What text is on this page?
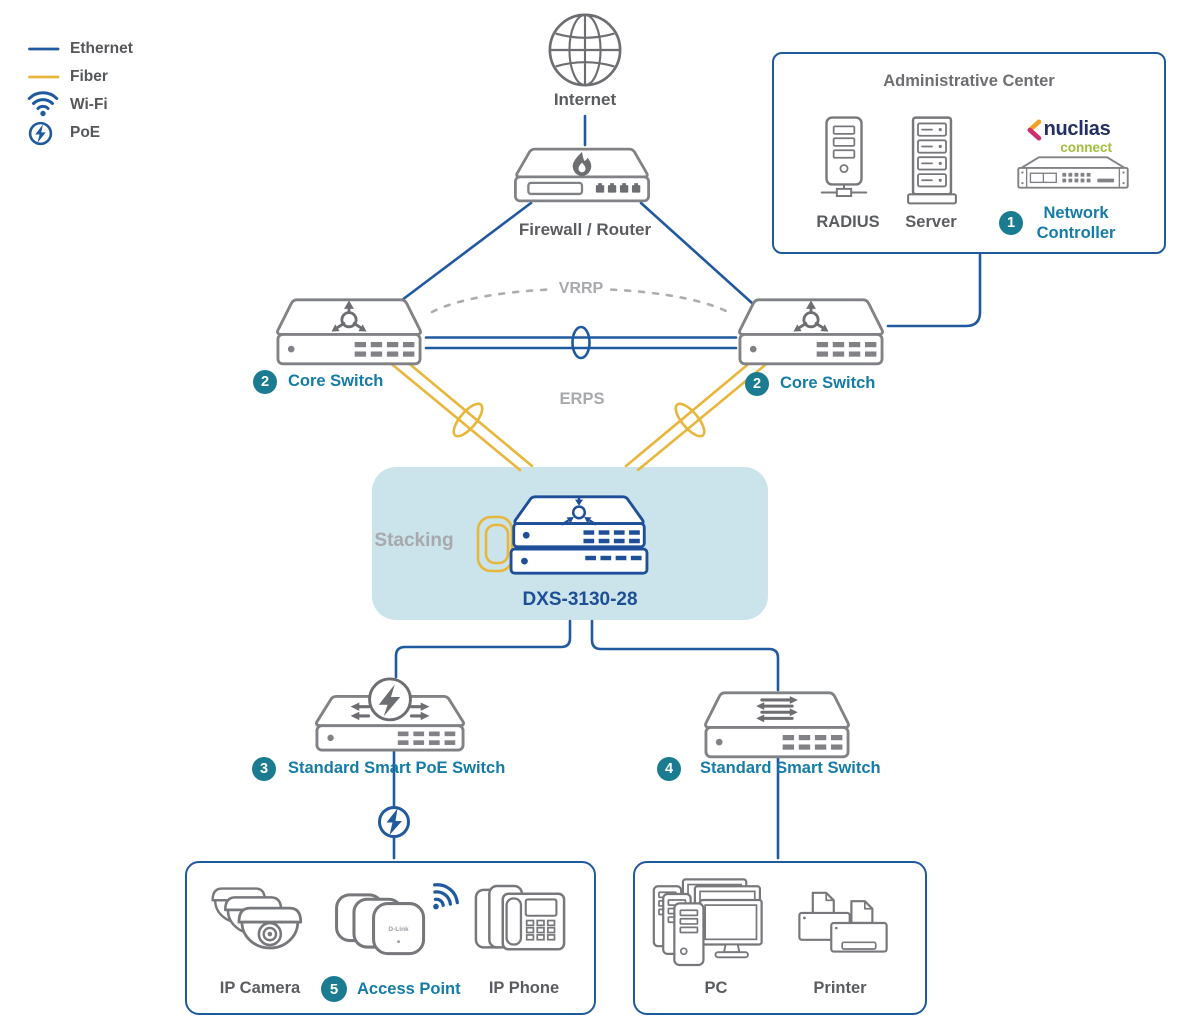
Ethernet
Fiber
Wi-Fi
PoE
Internet
Firewall / Router
Administrative Center
RADIUS Server
nuclias
connect
1
Network Controller
2	Core Switch	2	Core Switch
VRRP
ERPS
Stacking
DXS-3130-28
3	Standard Smart PoE Switch	4	Standard Smart Switch
D-Link
IP Camera	5	Access Point IP Phone	PC	Printer
